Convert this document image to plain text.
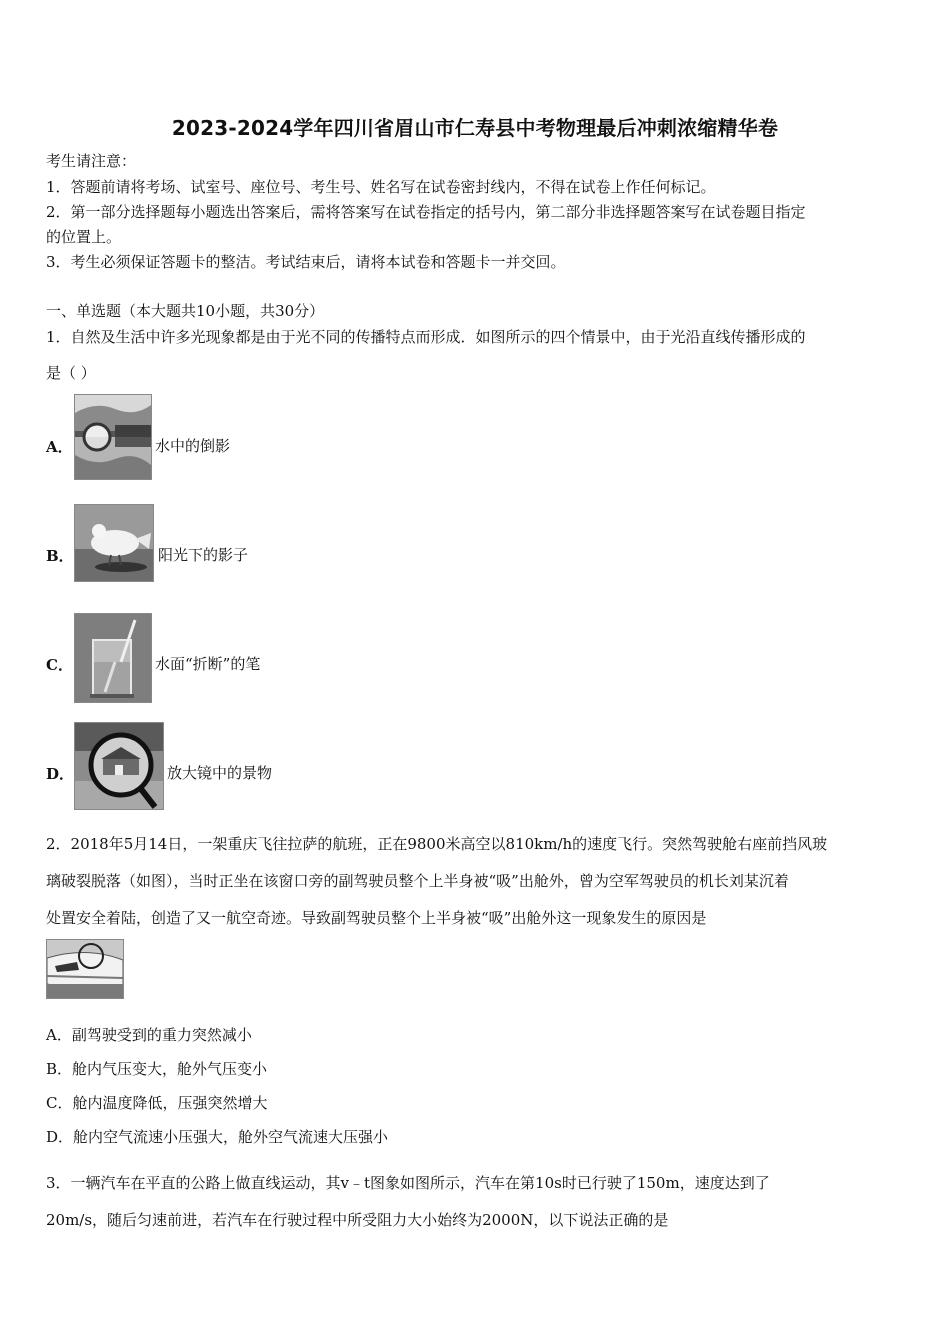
2023-2024学年四川省眉山市仁寿县中考物理最后冲刺浓缩精华卷
考生请注意：
1．答题前请将考场、试室号、座位号、考生号、姓名写在试卷密封线内，不得在试卷上作任何标记。
2．第一部分选择题每小题选出答案后，需将答案写在试卷指定的括号内，第二部分非选择题答案写在试卷题目指定
的位置上。
3．考生必须保证答题卡的整洁。考试结束后，请将本试卷和答题卡一并交回。
一、单选题（本大题共10小题，共30分）
1．自然及生活中许多光现象都是由于光不同的传播特点而形成．如图所示的四个情景中，由于光沿直线传播形成的
是（ ）
A．	水中的倒影
B．	阳光下的影子
C．	水面“折断”的笔
D．	放大镜中的景物
2．2018年5月14日，一架重庆飞往拉萨的航班，正在9800米高空以810km/h的速度飞行。突然驾驶舱右座前挡风玻
璃破裂脱落（如图），当时正坐在该窗口旁的副驾驶员整个上半身被“吸”出舱外，曾为空军驾驶员的机长刘某沉着
处置安全着陆，创造了又一航空奇迹。导致副驾驶员整个上半身被“吸”出舱外这一现象发生的原因是
A．副驾驶受到的重力突然减小
B．舱内气压变大，舱外气压变小
C．舱内温度降低，压强突然增大
D．舱内空气流速小压强大，舱外空气流速大压强小
3．一辆汽车在平直的公路上做直线运动，其v﹣t图象如图所示，汽车在第10s时已行驶了150m，速度达到了
20m/s，随后匀速前进，若汽车在行驶过程中所受阻力大小始终为2000N，以下说法正确的是
